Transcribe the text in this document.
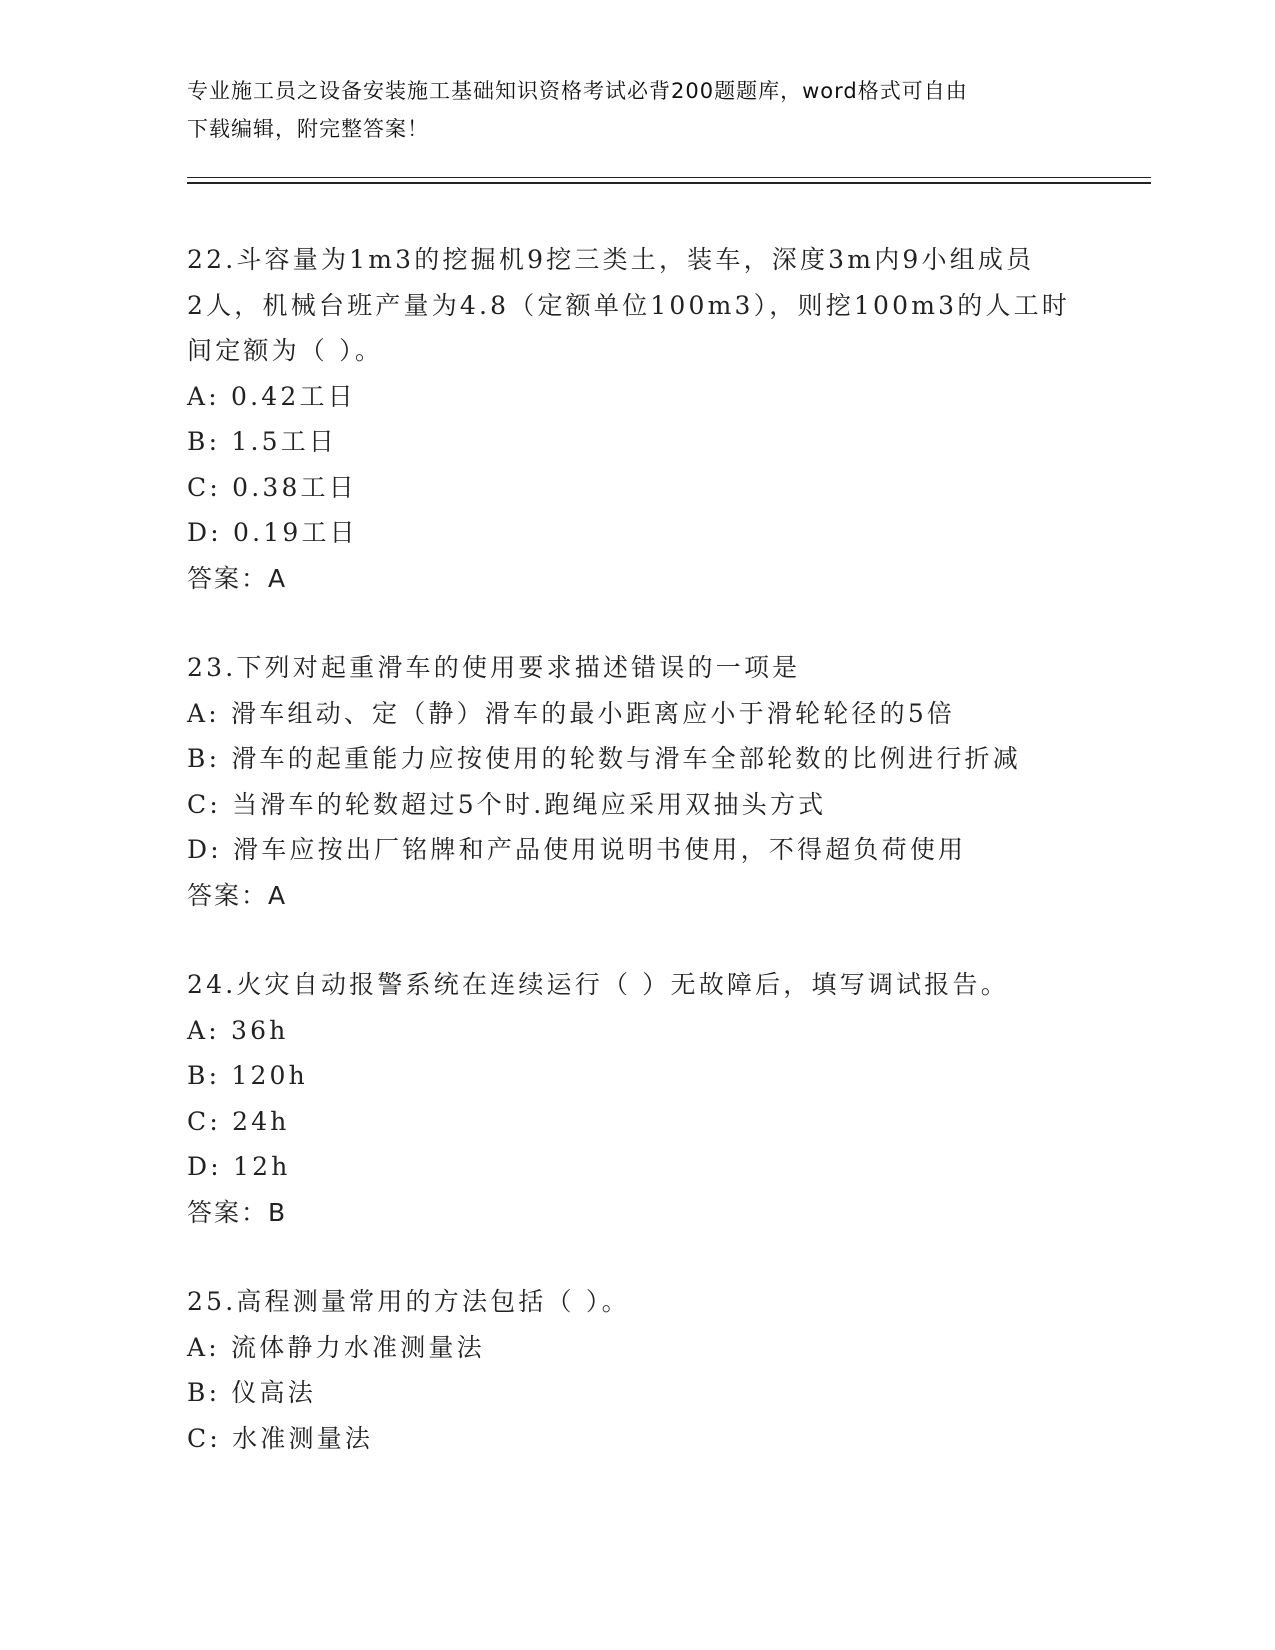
专业施工员之设备安装施工基础知识资格考试必背200题题库，word格式可自由
下载编辑，附完整答案！

22.斗容量为1m3的挖掘机9挖三类土，装车，深度3m内9小组成员

2人，机械台班产量为4.8（定额单位100m3），则挖100m3的人工时

间定额为（ ）。

A: 0.42工日

B: 1.5工日

C: 0.38工日

D: 0.19工日

答案：A

23.下列对起重滑车的使用要求描述错误的一项是

A: 滑车组动、定（静）滑车的最小距离应小于滑轮轮径的5倍

B: 滑车的起重能力应按使用的轮数与滑车全部轮数的比例进行折减

C: 当滑车的轮数超过5个时.跑绳应采用双抽头方式

D: 滑车应按出厂铭牌和产品使用说明书使用，不得超负荷使用

答案：A

24.火灾自动报警系统在连续运行（ ）无故障后，填写调试报告。

A: 36h

B: 120h

C: 24h

D: 12h

答案：B

25.高程测量常用的方法包括（ ）。

A: 流体静力水准测量法

B: 仪高法

C: 水准测量法
